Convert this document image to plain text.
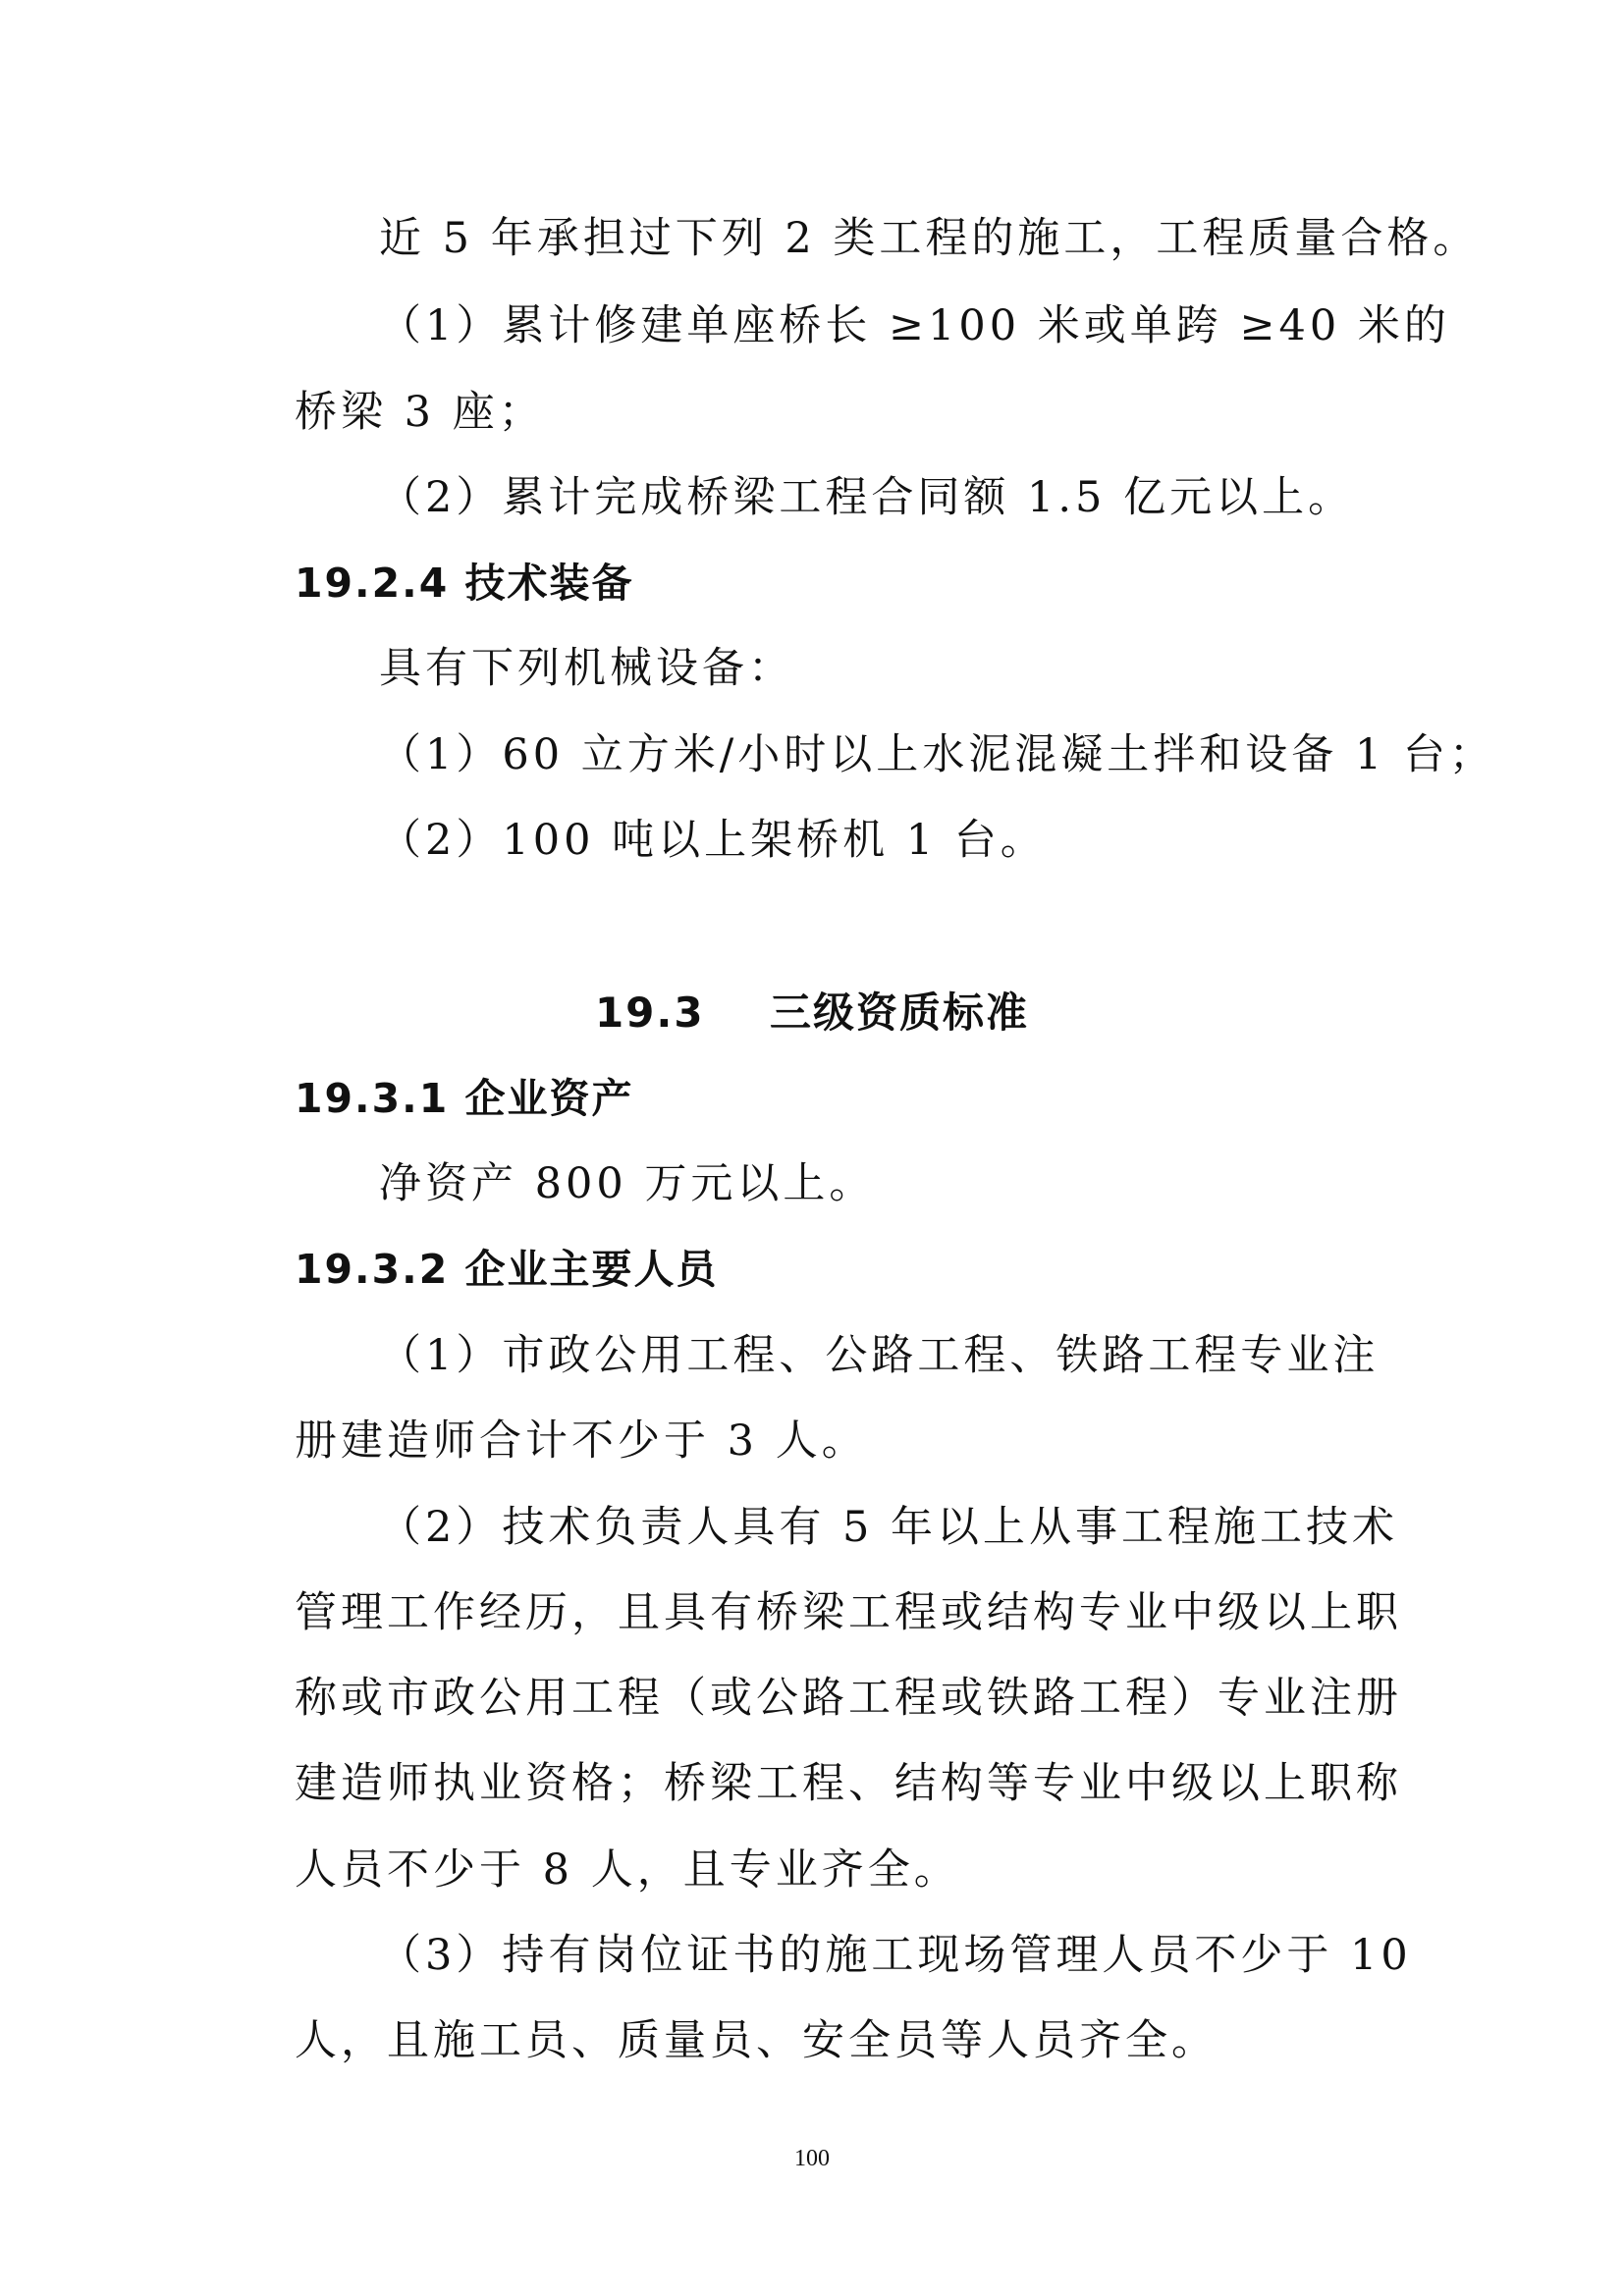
近 5 年承担过下列 2 类工程的施工，工程质量合格。
（1）累计修建单座桥长 ≥100 米或单跨 ≥40 米的
桥梁 3 座；
（2）累计完成桥梁工程合同额 1.5 亿元以上。
19.2.4 技术装备
具有下列机械设备：
（1）60 立方米/小时以上水泥混凝土拌和设备 1 台；
（2）100 吨以上架桥机 1 台。
19.3    三级资质标准
19.3.1 企业资产
净资产 800 万元以上。
19.3.2 企业主要人员
（1）市政公用工程、公路工程、铁路工程专业注
册建造师合计不少于 3 人。
（2）技术负责人具有 5 年以上从事工程施工技术
管理工作经历，且具有桥梁工程或结构专业中级以上职
称或市政公用工程（或公路工程或铁路工程）专业注册
建造师执业资格；桥梁工程、结构等专业中级以上职称
人员不少于 8 人，且专业齐全。
（3）持有岗位证书的施工现场管理人员不少于 10
人，且施工员、质量员、安全员等人员齐全。
100
